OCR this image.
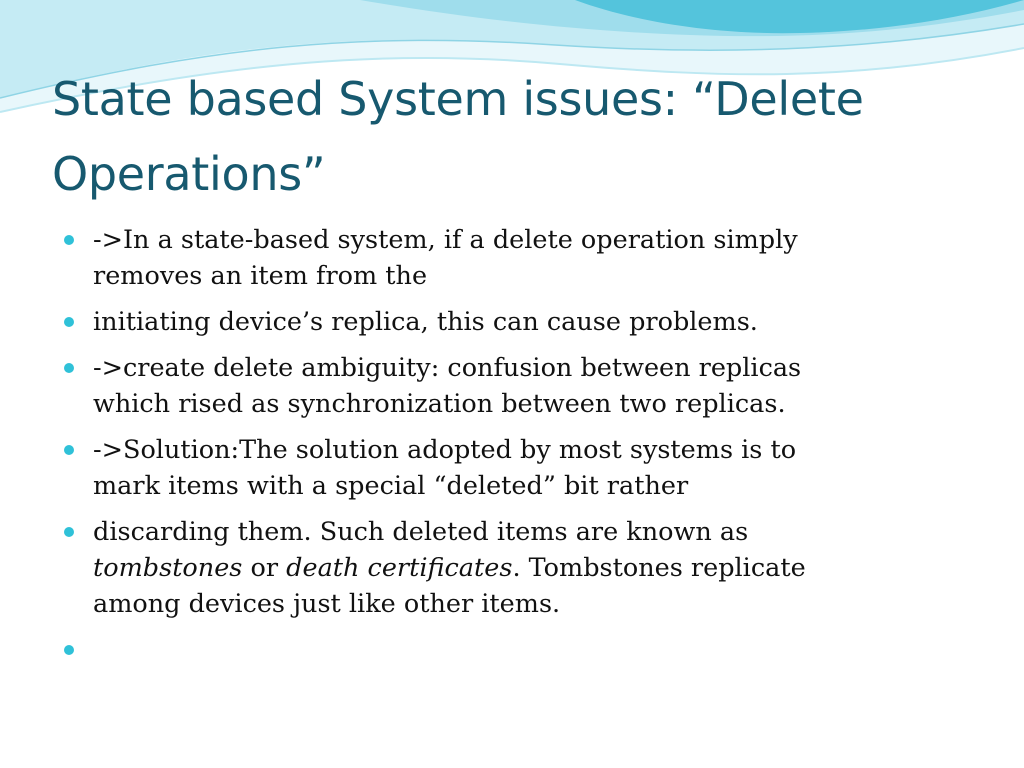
State based System issues: “Delete Operations”
->In a state-based system, if a delete operation simply
removes an item from the
initiating device’s replica, this can cause problems.
->create delete ambiguity: confusion between replicas
which rised as synchronization between two replicas.
->Solution:The solution adopted by most systems is to
mark items with a special “deleted” bit rather
discarding them. Such deleted items are known as
tombstones or death certificates. Tombstones replicate
among devices just like other items.
